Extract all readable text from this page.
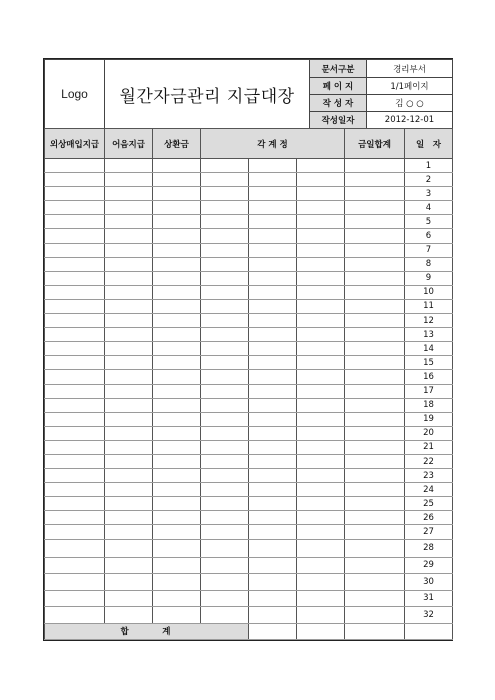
Logo	월간자금관리 지급대장	문서구분	경리부서
		페 이 지	1/1페이지
		작 성 자	김 ○ ○
		작성일자	2012-12-01
외상매입지급	어음지급	상환금	각 계 정			금일합계	일　자
							1
							2
							3
							4
							5
							6
							7
							8
							9
							10
							11
							12
							13
							14
							15
							16
							17
							18
							19
							20
							21
							22
							23
							24
							25
							26
							27
							28
							29
							30
							31
							32
합　　　계							
